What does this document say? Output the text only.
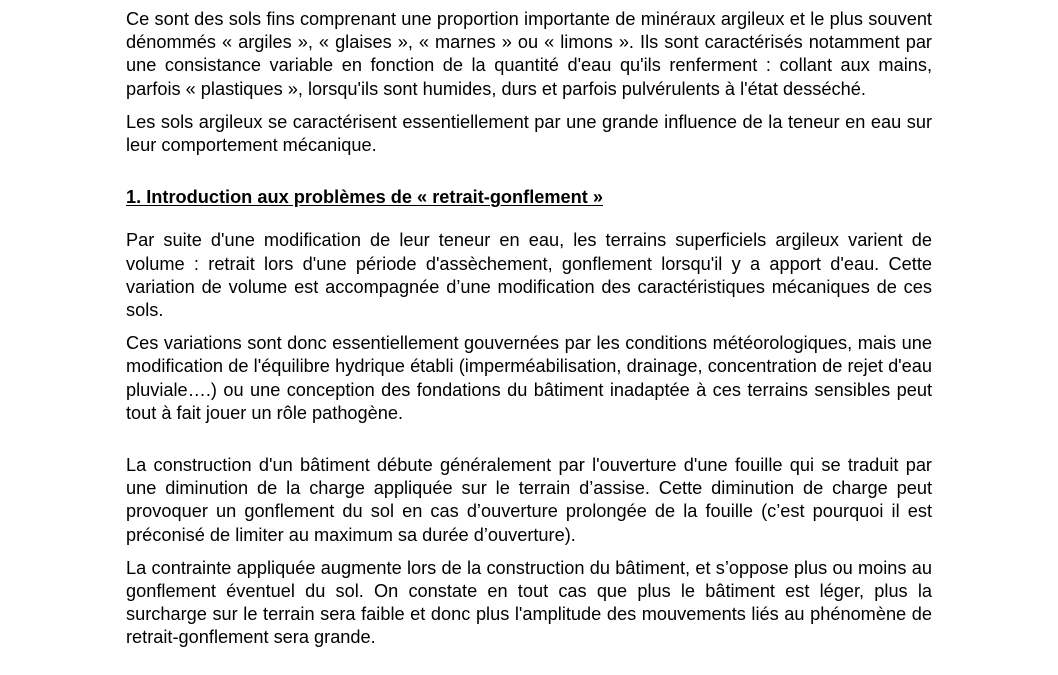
Ce sont des sols fins comprenant une proportion importante de minéraux argileux et le plus souvent dénommés « argiles », « glaises », « marnes » ou « limons ». Ils sont caractérisés notamment par une consistance variable en fonction de la quantité d'eau qu'ils renferment : collant aux mains, parfois « plastiques », lorsqu'ils sont humides, durs et parfois pulvérulents à l'état desséché.

Les sols argileux se caractérisent essentiellement par une grande influence de la teneur en eau sur leur comportement mécanique.

1. Introduction aux problèmes de « retrait-gonflement »

Par suite d'une modification de leur teneur en eau, les terrains superficiels argileux varient de volume : retrait lors d'une période d'assèchement, gonflement lorsqu'il y a apport d'eau. Cette variation de volume est accompagnée d’une modification des caractéristiques mécaniques de ces sols.

Ces variations sont donc essentiellement gouvernées par les conditions météorologiques, mais une modification de l'équilibre hydrique établi (imperméabilisation, drainage, concentration de rejet d'eau pluviale….) ou une conception des fondations du bâtiment inadaptée à ces terrains sensibles peut tout à fait jouer un rôle pathogène.

La construction d'un bâtiment débute généralement par l'ouverture d'une fouille qui se traduit par une diminution de la charge appliquée sur le terrain d’assise. Cette diminution de charge peut provoquer un gonflement du sol en cas d’ouverture prolongée de la fouille (c’est pourquoi il est préconisé de limiter au maximum sa durée d’ouverture).

La contrainte appliquée augmente lors de la construction du bâtiment, et s’oppose plus ou moins au gonflement éventuel du sol. On constate en tout cas que plus le bâtiment est léger, plus la surcharge sur le terrain sera faible et donc plus l'amplitude des mouvements liés au phénomène de retrait-gonflement sera grande.
